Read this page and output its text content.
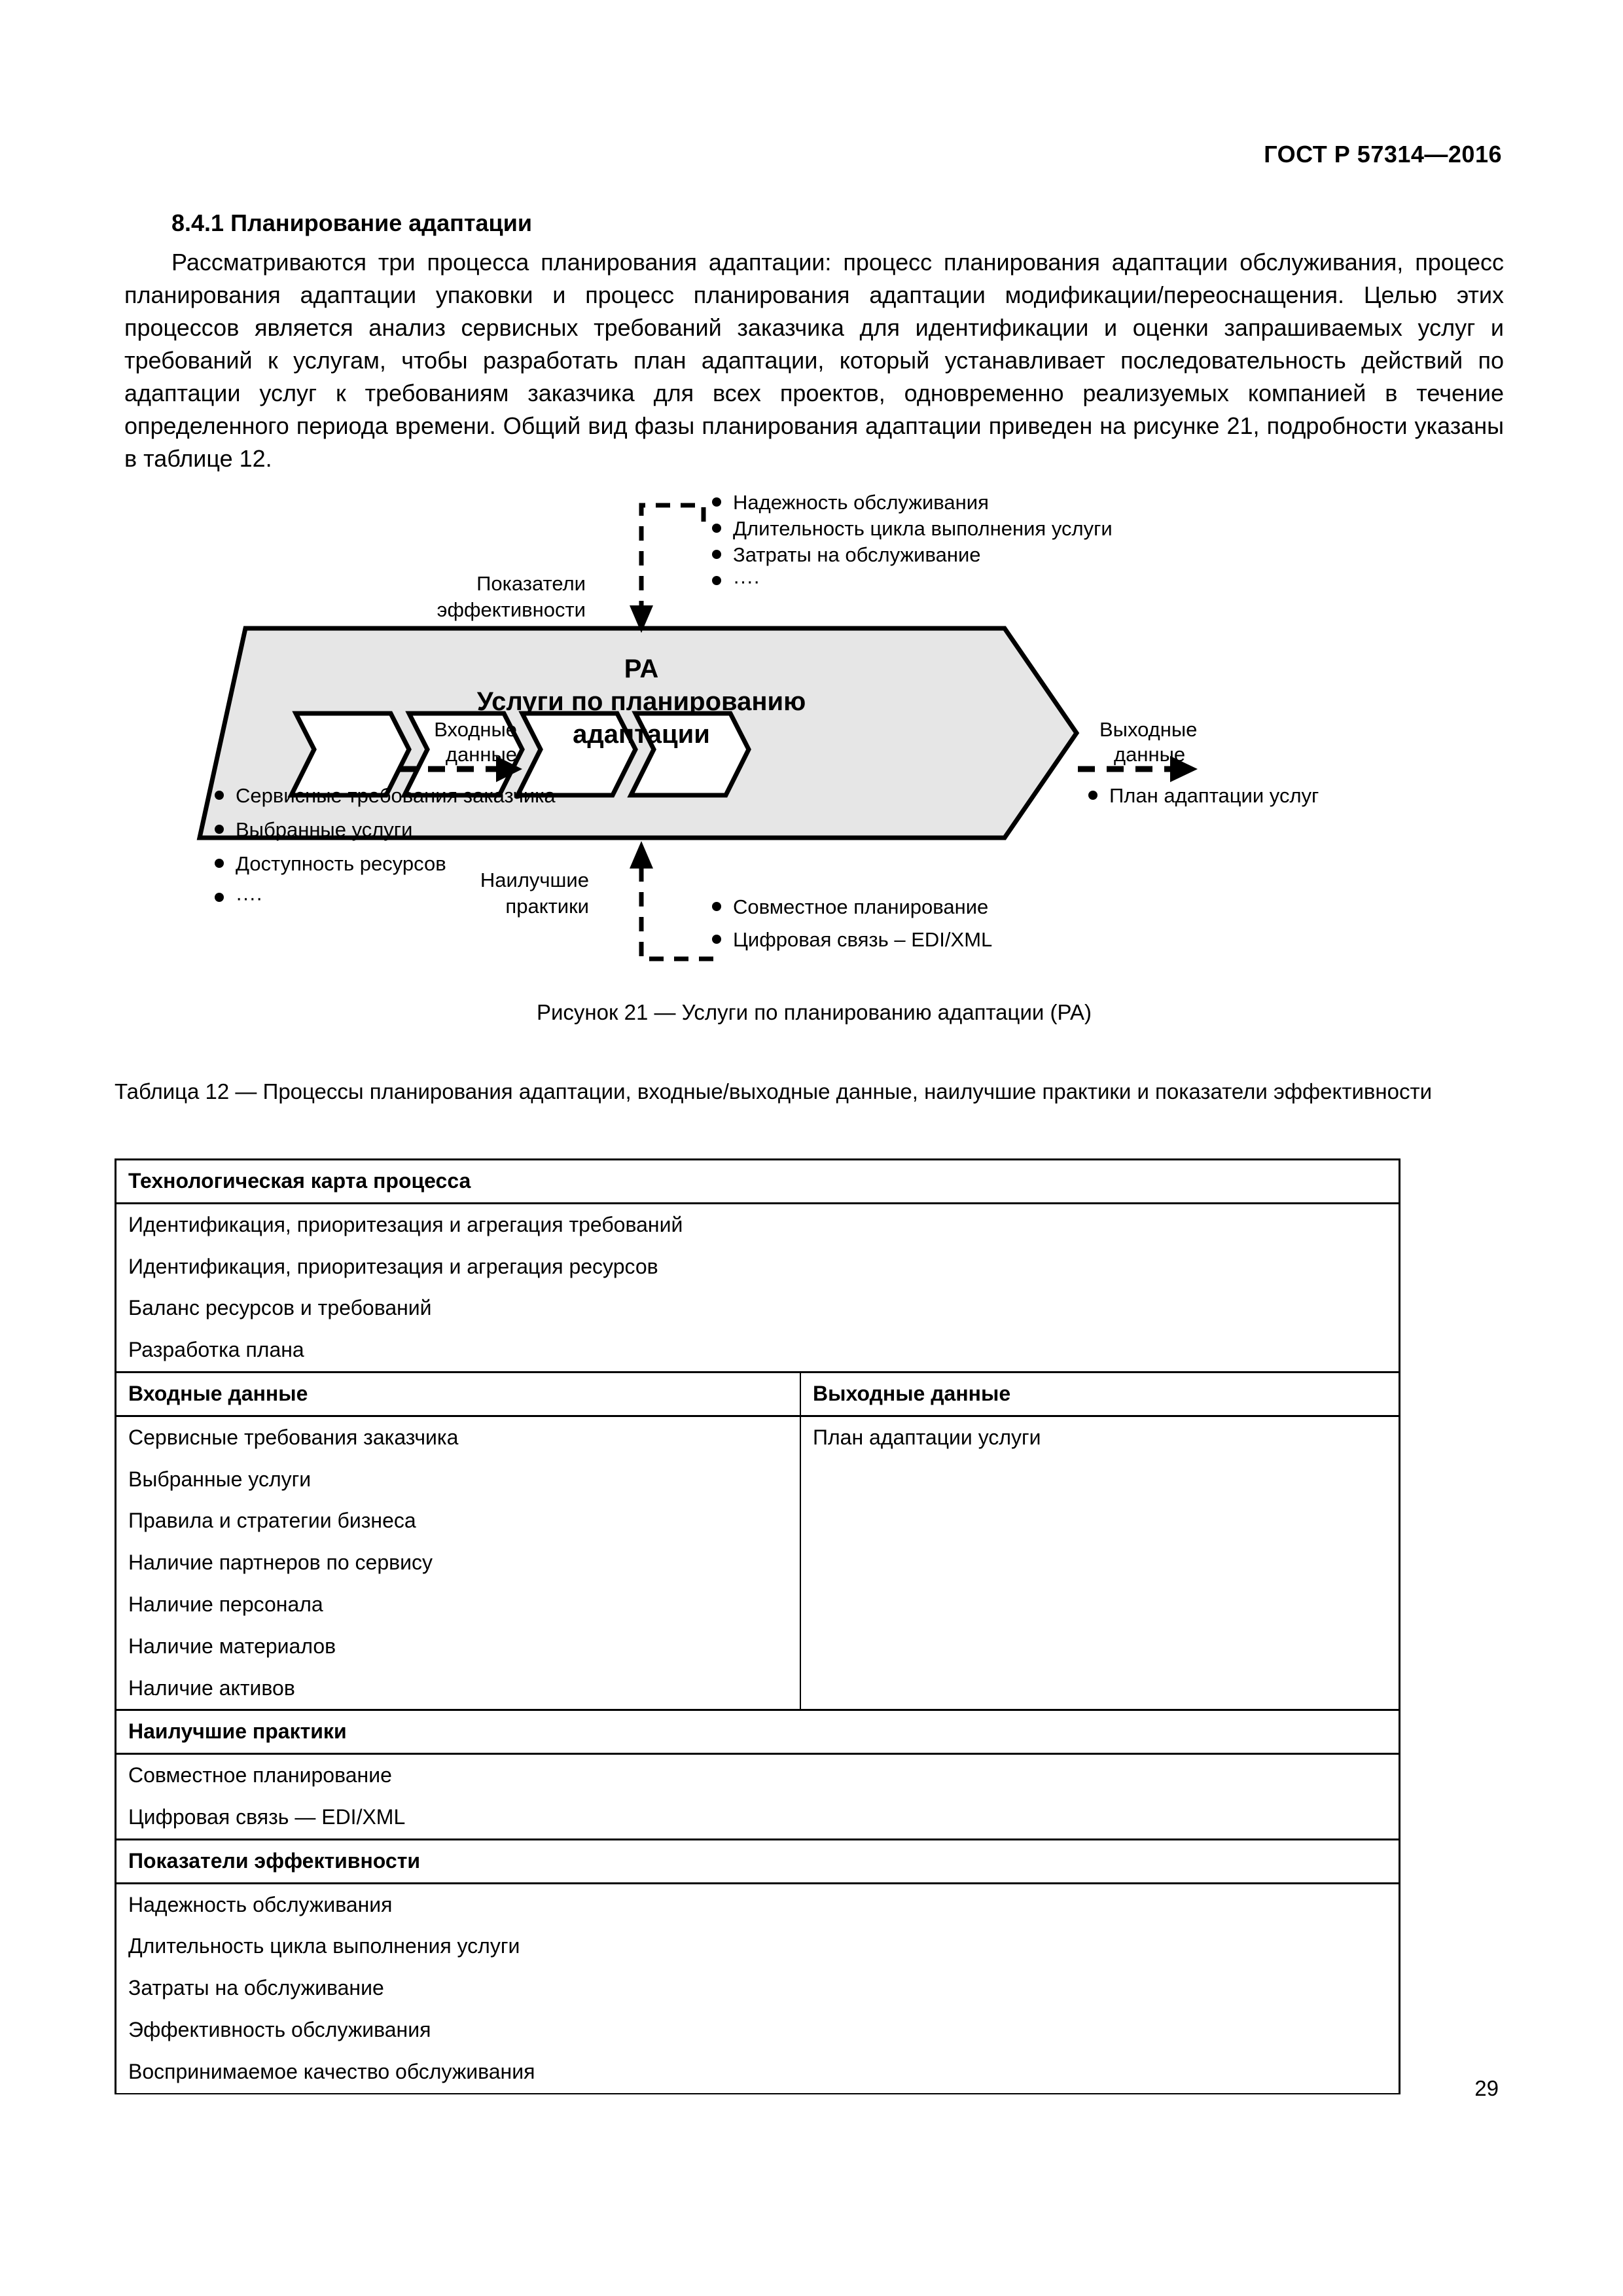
ГОСТ Р 57314—2016
8.4.1 Планирование адаптации

Рассматриваются три процесса планирования адаптации: процесс планирования адаптации обслуживания, процесс планирования адаптации упаковки и процесс планирования адаптации модификации/переоснащения. Целью этих процессов является анализ сервисных требований заказчика для идентификации и оценки запрашиваемых услуг и требований к услугам, чтобы разработать план адаптации, который устанавливает последовательность действий по адаптации услуг к требованиям заказчика для всех проектов, одновременно реализуемых компанией в течение определенного периода времени. Общий вид фазы планирования адаптации приведен на рисунке 21, подробности указаны в таблице 12.

PA
Услуги по планированию
адаптации
Показатели
эффективности
Надежность обслуживания
Длительность цикла выполнения услуги
Затраты на обслуживание
····
Входные
данные
Сервисные требования заказчика
Выбранные услуги
Доступность ресурсов
····
Выходные
данные
План адаптации услуг
Наилучшие
практики	Совместное планирование
Цифровая связь – EDI/XML
Рисунок 21 — Услуги по планированию адаптации (PA)
Таблица 12 — Процессы планирования адаптации, входные/выходные данные, наилучшие практики и показатели эффективности
Технологическая карта процесса	
Идентификация, приоритезация и агрегация требований	
Идентификация, приоритезация и агрегация ресурсов	
Баланс ресурсов и требований	
Разработка плана	
Входные данные	Выходные данные
Сервисные требования заказчика	План адаптации услуги
Выбранные услуги	
Правила и стратегии бизнеса	
Наличие партнеров по сервису	
Наличие персонала	
Наличие материалов	
Наличие активов	
Наилучшие практики	
Совместное планирование	
Цифровая связь — EDI/XML	
Показатели эффективности	
Надежность обслуживания	
Длительность цикла выполнения услуги	
Затраты на обслуживание	
Эффективность обслуживания	
Воспринимаемое качество обслуживания	
29
